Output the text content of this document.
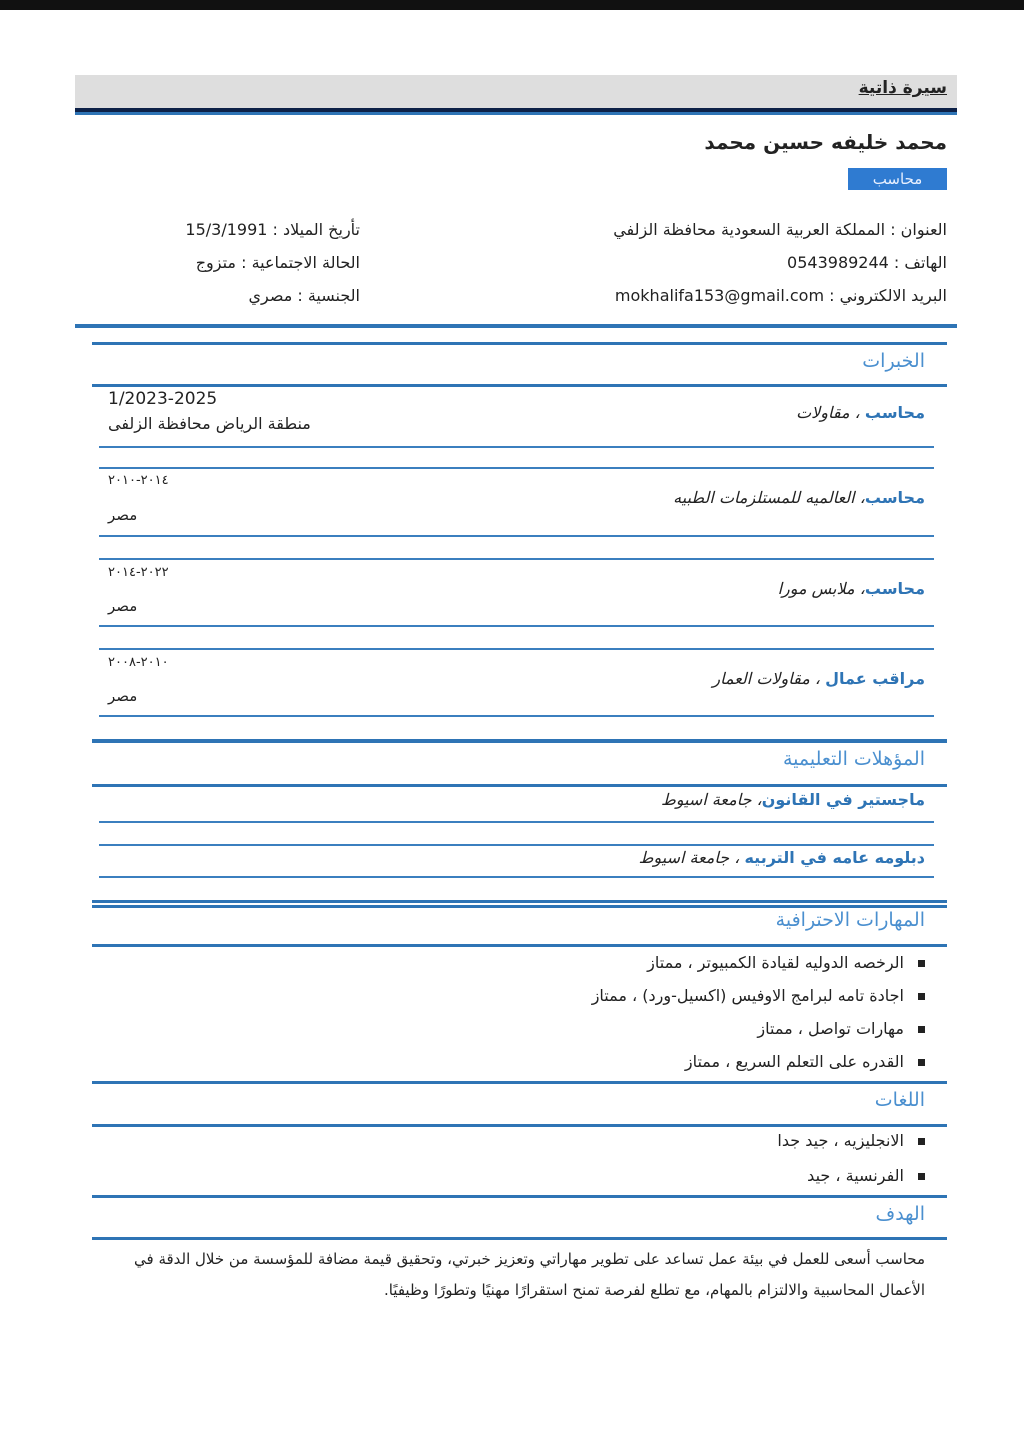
سيرة ذاتية
محمد خليفه حسين محمد
محاسب
العنوان : المملكة العربية السعودية محافظة الزلفي
الهاتف : 0543989244
البريد الالكتروني : mokhalifa153@gmail.com
تأريخ الميلاد : 15/3/1991
الحالة الاجتماعية : متزوج
الجنسية : مصري
الخبرات
محاسب ، مقاولات
1/2023-2025
منطقة الرياض محافظة الزلفى
محاسب، العالميه للمستلزمات الطبيه
٢٠١٤-٢٠١٠
مصر
محاسب، ملابس مورا
٢٠٢٢-٢٠١٤
مصر
مراقب عمال ، مقاولات العمار
٢٠١٠-٢٠٠٨
مصر
المؤهلات التعليمية
ماجستير في القانون، جامعة اسيوط
دبلومه عامه في التربيه ، جامعة اسيوط
المهارات الاحترافية
الرخصه الدوليه لقيادة الكمبيوتر ، ممتاز
اجادة تامه لبرامج الاوفيس (اكسيل-ورد) ، ممتاز
مهارات تواصل ، ممتاز
القدره على التعلم السريع ، ممتاز
اللغات
الانجليزيه ، جيد جدا
الفرنسية ، جيد
الهدف
محاسب أسعى للعمل في بيئة عمل تساعد على تطوير مهاراتي وتعزيز خبرتي، وتحقيق قيمة مضافة للمؤسسة من خلال الدقة في الأعمال المحاسبية والالتزام بالمهام، مع تطلع لفرصة تمنح استقرارًا مهنيًا وتطورًا وظيفيًا.
